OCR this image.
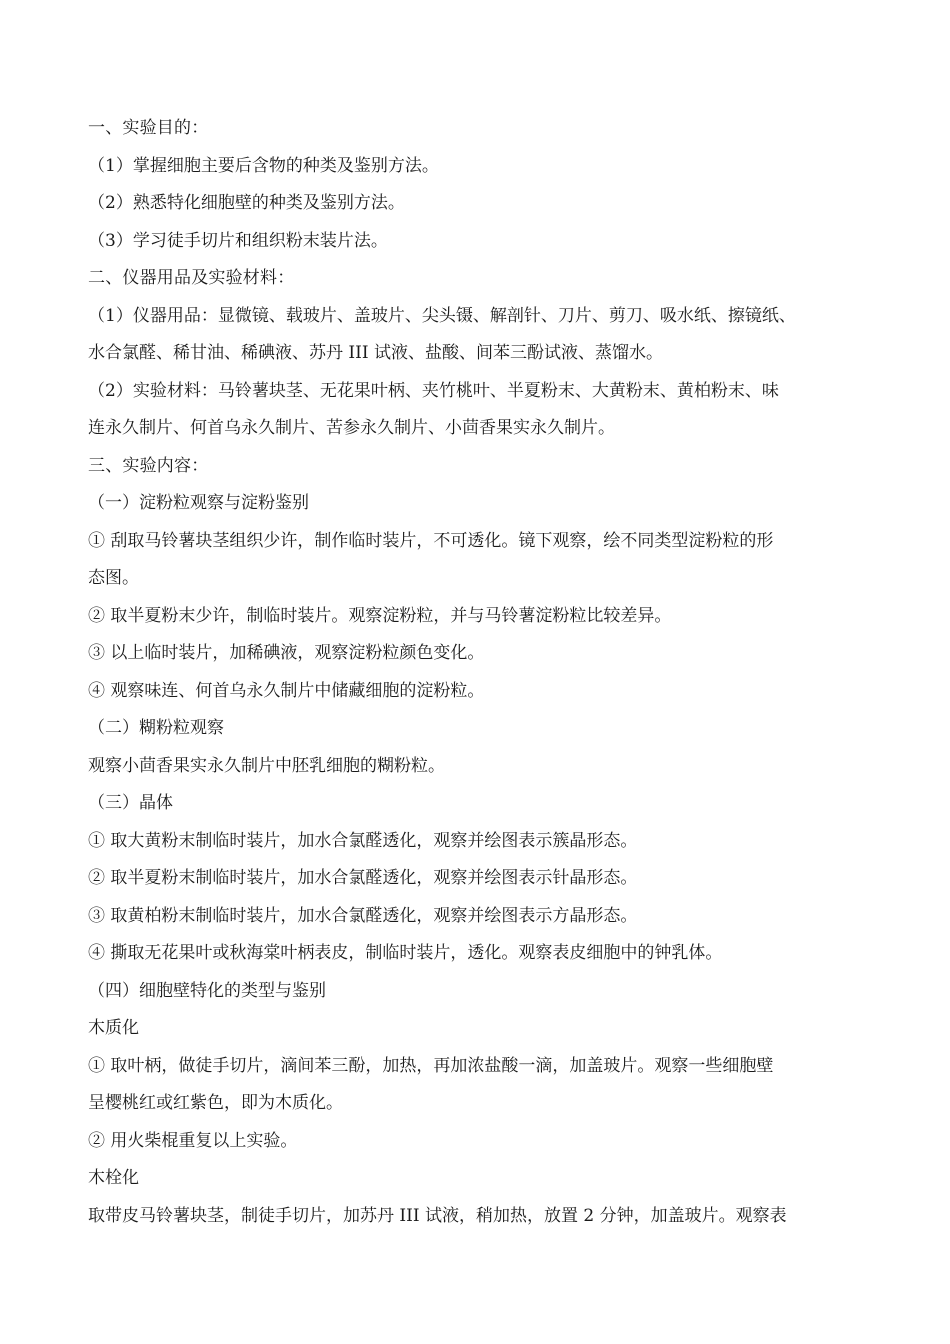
一、实验目的：

（1）掌握细胞主要后含物的种类及鉴别方法。

（2）熟悉特化细胞壁的种类及鉴别方法。

（3）学习徒手切片和组织粉末装片法。

二、仪器用品及实验材料：

（1）仪器用品：显微镜、载玻片、盖玻片、尖头镊、解剖针、刀片、剪刀、吸水纸、擦镜纸、

水合氯醛、稀甘油、稀碘液、苏丹 III 试液、盐酸、间苯三酚试液、蒸馏水。

（2）实验材料：马铃薯块茎、无花果叶柄、夹竹桃叶、半夏粉末、大黄粉末、黄柏粉末、味

连永久制片、何首乌永久制片、苦参永久制片、小茴香果实永久制片。

三、实验内容：

（一）淀粉粒观察与淀粉鉴别

① 刮取马铃薯块茎组织少许，制作临时装片，不可透化。镜下观察，绘不同类型淀粉粒的形

态图。

② 取半夏粉末少许，制临时装片。观察淀粉粒，并与马铃薯淀粉粒比较差异。

③ 以上临时装片，加稀碘液，观察淀粉粒颜色变化。

④ 观察味连、何首乌永久制片中储藏细胞的淀粉粒。

（二）糊粉粒观察

观察小茴香果实永久制片中胚乳细胞的糊粉粒。

（三）晶体

① 取大黄粉末制临时装片，加水合氯醛透化，观察并绘图表示簇晶形态。

② 取半夏粉末制临时装片，加水合氯醛透化，观察并绘图表示针晶形态。

③ 取黄柏粉末制临时装片，加水合氯醛透化，观察并绘图表示方晶形态。

④ 撕取无花果叶或秋海棠叶柄表皮，制临时装片，透化。观察表皮细胞中的钟乳体。

（四）细胞壁特化的类型与鉴别

木质化

① 取叶柄，做徒手切片，滴间苯三酚，加热，再加浓盐酸一滴，加盖玻片。观察一些细胞壁

呈樱桃红或红紫色，即为木质化。

② 用火柴棍重复以上实验。

木栓化

取带皮马铃薯块茎，制徒手切片，加苏丹 III 试液，稍加热，放置 2 分钟，加盖玻片。观察表
